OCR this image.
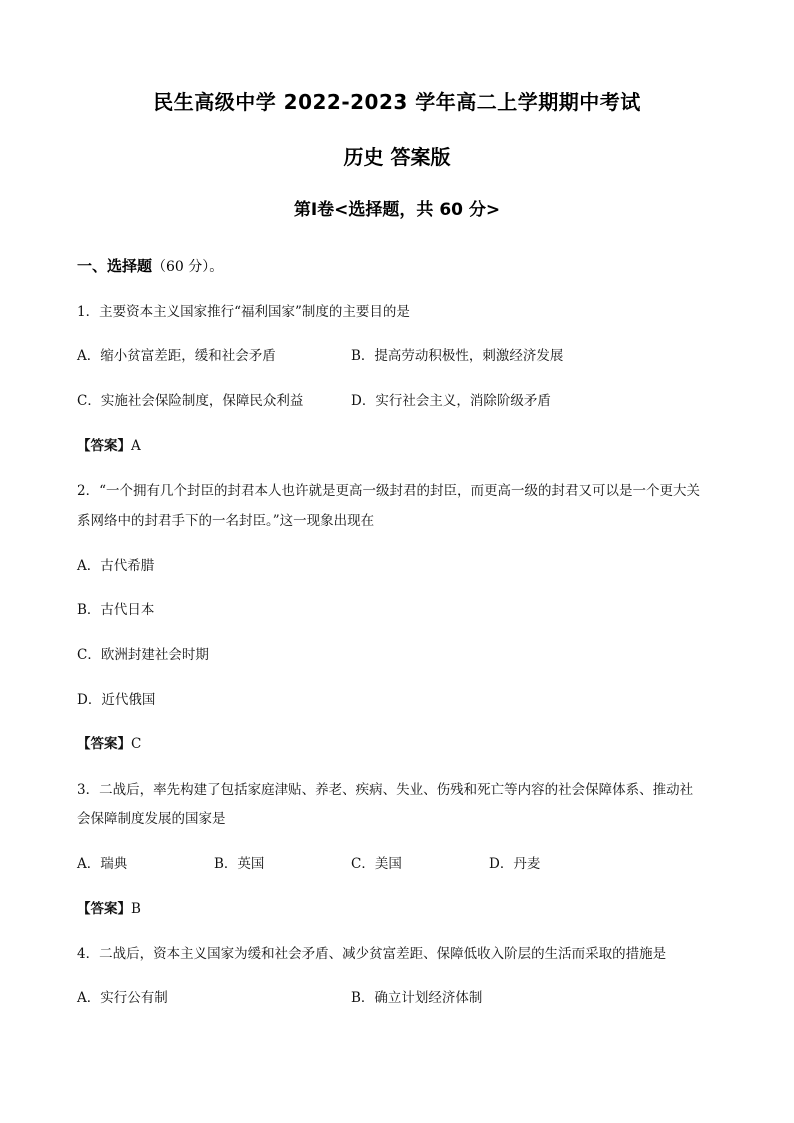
民生高级中学 2022-2023 学年高二上学期期中考试
历史 答案版
第Ⅰ卷<选择题，共 60 分>
一、选择题（60 分）。
1．主要资本主义国家推行“福利国家”制度的主要目的是
A．缩小贫富差距，缓和社会矛盾	B．提高劳动积极性，刺激经济发展
C．实施社会保险制度，保障民众利益	D．实行社会主义，消除阶级矛盾
【答案】A
2．“一个拥有几个封臣的封君本人也许就是更高一级封君的封臣，而更高一级的封君又可以是一个更大关
系网络中的封君手下的一名封臣。”这一现象出现在
A．古代希腊
B．古代日本
C．欧洲封建社会时期
D．近代俄国
【答案】C
3．二战后，率先构建了包括家庭津贴、养老、疾病、失业、伤残和死亡等内容的社会保障体系、推动社
会保障制度发展的国家是
A．瑞典	B．英国	C．美国	D．丹麦
【答案】B
4．二战后，资本主义国家为缓和社会矛盾、减少贫富差距、保障低收入阶层的生活而采取的措施是
A．实行公有制	B．确立计划经济体制
